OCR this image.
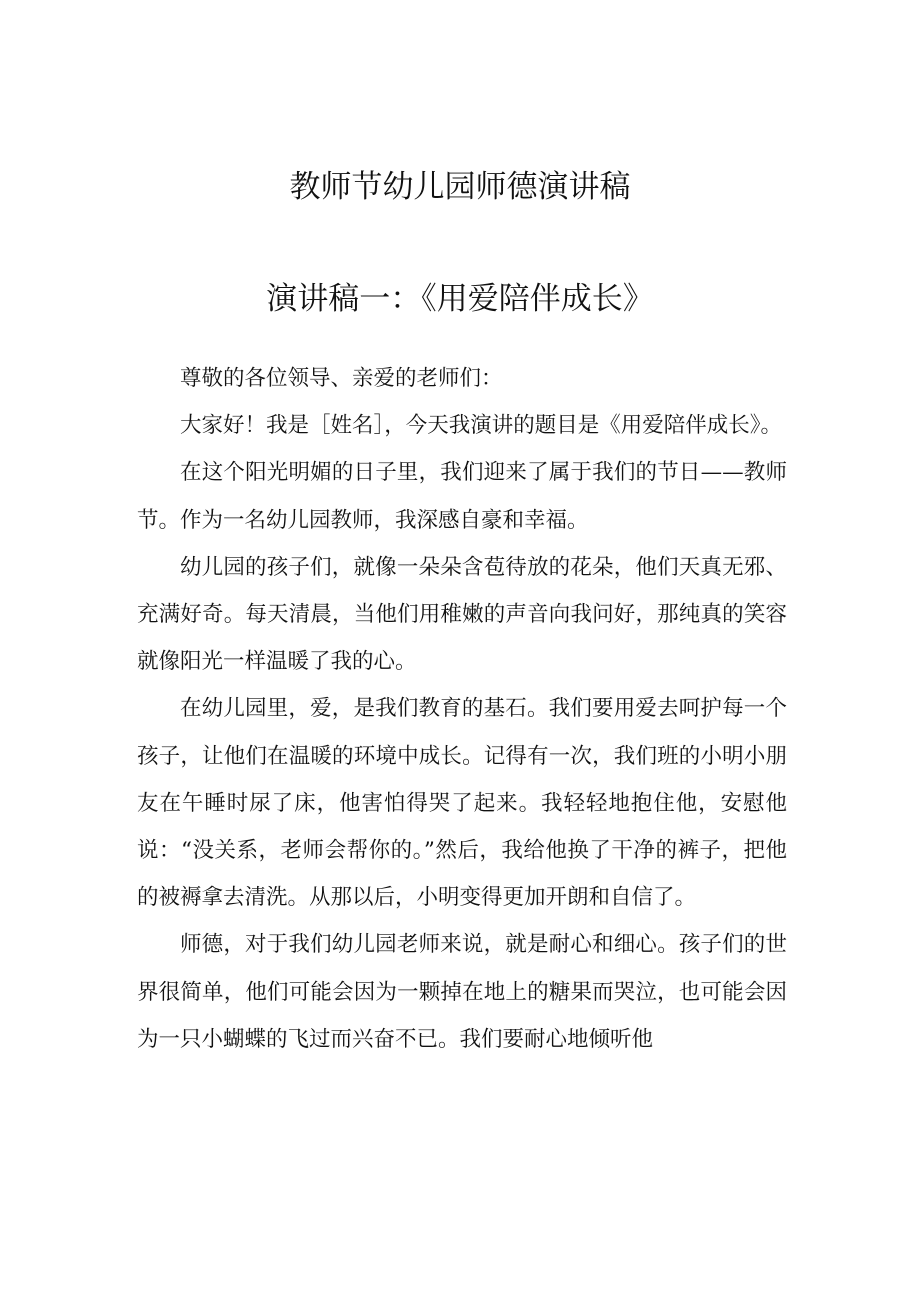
教师节幼儿园师德演讲稿
演讲稿一：《用爱陪伴成长》

尊敬的各位领导、亲爱的老师们：

大家好！我是［姓名］，今天我演讲的题目是《用爱陪伴成长》。

在这个阳光明媚的日子里，我们迎来了属于我们的节日——教师节。作为一名幼儿园教师，我深感自豪和幸福。

幼儿园的孩子们，就像一朵朵含苞待放的花朵，他们天真无邪、充满好奇。每天清晨，当他们用稚嫩的声音向我问好，那纯真的笑容就像阳光一样温暖了我的心。

在幼儿园里，爱，是我们教育的基石。我们要用爱去呵护每一个孩子，让他们在温暖的环境中成长。记得有一次，我们班的小明小朋友在午睡时尿了床，他害怕得哭了起来。我轻轻地抱住他，安慰他说：“没关系，老师会帮你的。”然后，我给他换了干净的裤子，把他的被褥拿去清洗。从那以后，小明变得更加开朗和自信了。

师德，对于我们幼儿园老师来说，就是耐心和细心。孩子们的世界很简单，他们可能会因为一颗掉在地上的糖果而哭泣，也可能会因为一只小蝴蝶的飞过而兴奋不已。我们要耐心地倾听他
